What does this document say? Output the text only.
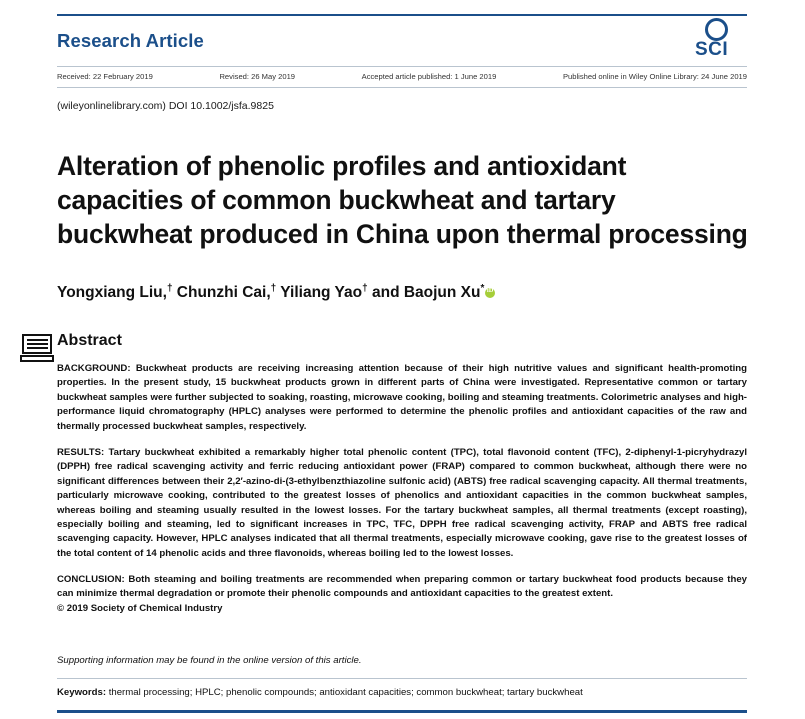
Research Article	SCI
Received: 22 February 2019	Revised: 26 May 2019	Accepted article published: 1 June 2019	Published online in Wiley Online Library: 24 June 2019
(wileyonlinelibrary.com) DOI 10.1002/jsfa.9825
Alteration of phenolic profiles and antioxidant capacities of common buckwheat and tartary buckwheat produced in China upon thermal processing
Yongxiang Liu,† Chunzhi Cai,† Yiliang Yao† and Baojun Xu*iD
Abstract

BACKGROUND: Buckwheat products are receiving increasing attention because of their high nutritive values and significant health-promoting properties. In the present study, 15 buckwheat products grown in different parts of China were investigated. Representative common or tartary buckwheat samples were further subjected to soaking, roasting, microwave cooking, boiling and steaming treatments. Colorimetric analyses and high-performance liquid chromatography (HPLC) analyses were performed to determine the phenolic profiles and antioxidant capacities of the raw and thermally processed buckwheat samples, respectively.

RESULTS: Tartary buckwheat exhibited a remarkably higher total phenolic content (TPC), total flavonoid content (TFC), 2-diphenyl-1-picryhydrazyl (DPPH) free radical scavenging activity and ferric reducing antioxidant power (FRAP) compared to common buckwheat, although there were no significant differences between their 2,2′-azino-di-(3-ethylbenzthiazoline sulfonic acid) (ABTS) free radical scavenging capacity. All thermal treatments, particularly microwave cooking, contributed to the greatest losses of phenolics and antioxidant capacities in the common buckwheat samples, whereas boiling and steaming usually resulted in the lowest losses. For the tartary buckwheat samples, all thermal treatments (except roasting), especially boiling and steaming, led to significant increases in TPC, TFC, DPPH free radical scavenging activity, FRAP and ABTS free radical scavenging capacity. However, HPLC analyses indicated that all thermal treatments, especially microwave cooking, gave rise to the greatest losses of the total content of 14 phenolic acids and three flavonoids, whereas boiling led to the lowest losses.

CONCLUSION: Both steaming and boiling treatments are recommended when preparing common or tartary buckwheat food products because they can minimize thermal degradation or promote their phenolic compounds and antioxidant capacities to the greatest extent.
© 2019 Society of Chemical Industry

Supporting information may be found in the online version of this article.
Keywords: thermal processing; HPLC; phenolic compounds; antioxidant capacities; common buckwheat; tartary buckwheat
